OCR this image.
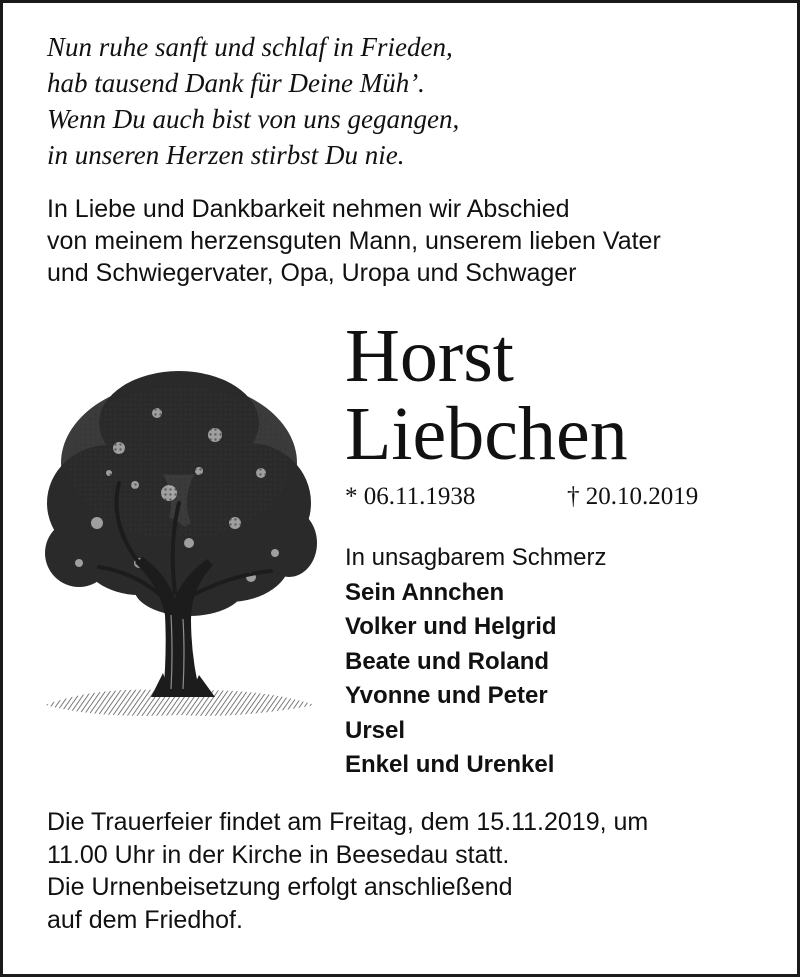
Nun ruhe sanft und schlaf in Frieden,
hab tausend Dank für Deine Müh’.
Wenn Du auch bist von uns gegangen,
in unseren Herzen stirbst Du nie.
In Liebe und Dankbarkeit nehmen wir Abschied
von meinem herzensguten Mann, unserem lieben Vater
und Schwiegervater, Opa, Uropa und Schwager
Horst
Liebchen
* 06.11.1938	† 20.10.2019
In unsagbarem Schmerz
Sein Annchen
Volker und Helgrid
Beate und Roland
Yvonne und Peter
Ursel
Enkel und Urenkel
Die Trauerfeier findet am Freitag, dem 15.11.2019, um
11.00 Uhr in der Kirche in Beesedau statt.
Die Urnenbeisetzung erfolgt anschließend
auf dem Friedhof.
